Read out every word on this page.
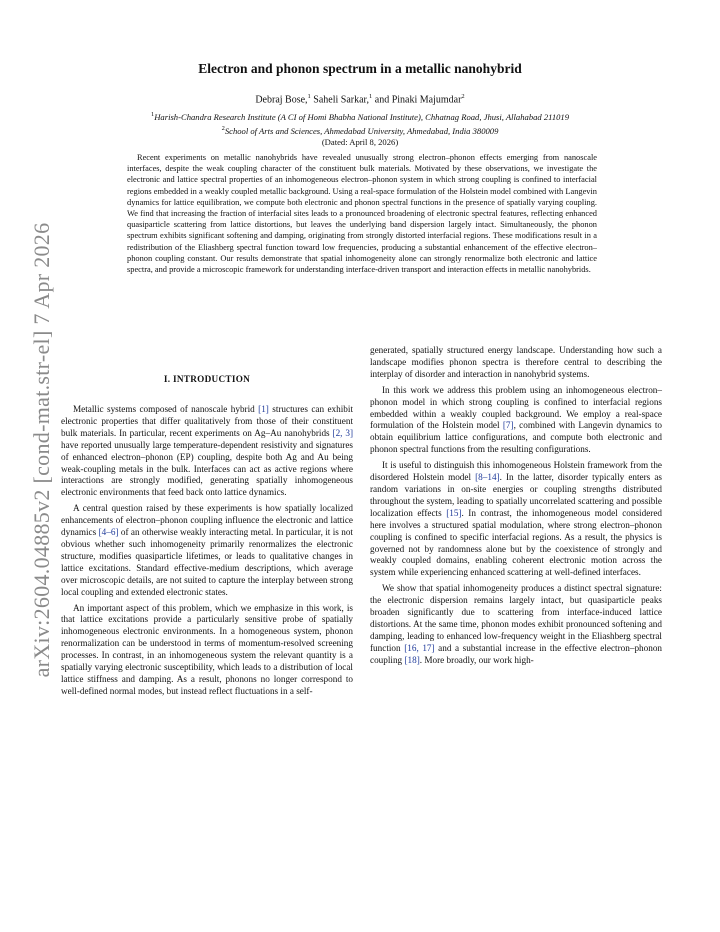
arXiv:2604.04885v2 [cond-mat.str-el] 7 Apr 2026
Electron and phonon spectrum in a metallic nanohybrid
Debraj Bose,$^1$ Saheli Sarkar,$^1$ and Pinaki Majumdar$^2$
$^1$Harish-Chandra Research Institute (A CI of Homi Bhabha National Institute), Chhatnag Road, Jhusi, Allahabad 211019
$^2$School of Arts and Sciences, Ahmedabad University, Ahmedabad, India 380009
(Dated: April 8, 2026)

Recent experiments on metallic nanohybrids have revealed unusually strong electron–phonon effects emerging from nanoscale interfaces, despite the weak coupling character of the constituent bulk materials. Motivated by these observations, we investigate the electronic and lattice spectral properties of an inhomogeneous electron–phonon system in which strong coupling is confined to interfacial regions embedded in a weakly coupled metallic background. Using a real-space formulation of the Holstein model combined with Langevin dynamics for lattice equilibration, we compute both electronic and phonon spectral functions in the presence of spatially varying coupling. We find that increasing the fraction of interfacial sites leads to a pronounced broadening of electronic spectral features, reflecting enhanced quasiparticle scattering from lattice distortions, but leaves the underlying band dispersion largely intact. Simultaneously, the phonon spectrum exhibits significant softening and damping, originating from strongly distorted interfacial regions. These modifications result in a redistribution of the Eliashberg spectral function toward low frequencies, producing a substantial enhancement of the effective electron–phonon coupling constant. Our results demonstrate that spatial inhomogeneity alone can strongly renormalize both electronic and lattice spectra, and provide a microscopic framework for understanding interface-driven transport and interaction effects in metallic nanohybrids.

I. INTRODUCTION

Metallic systems composed of nanoscale hybrid [1] structures can exhibit electronic properties that differ qualitatively from those of their constituent bulk materials. In particular, recent experiments on Ag–Au nanohybrids [2, 3] have reported unusually large temperature-dependent resistivity and signatures of enhanced electron–phonon (EP) coupling, despite both Ag and Au being weak-coupling metals in the bulk. Interfaces can act as active regions where interactions are strongly modified, generating spatially inhomogeneous electronic environments that feed back onto lattice dynamics.

A central question raised by these experiments is how spatially localized enhancements of electron–phonon coupling influence the electronic and lattice dynamics [4–6] of an otherwise weakly interacting metal. In particular, it is not obvious whether such inhomogeneity primarily renormalizes the electronic structure, modifies quasiparticle lifetimes, or leads to qualitative changes in lattice excitations. Standard effective-medium descriptions, which average over microscopic details, are not suited to capture the interplay between strong local coupling and extended electronic states.

An important aspect of this problem, which we emphasize in this work, is that lattice excitations provide a particularly sensitive probe of spatially inhomogeneous electronic environments. In a homogeneous system, phonon renormalization can be understood in terms of momentum-resolved screening processes. In contrast, in an inhomogeneous system the relevant quantity is a spatially varying electronic susceptibility, which leads to a distribution of local lattice stiffness and damping. As a result, phonons no longer correspond to well-defined normal modes, but instead reflect fluctuations in a self-

generated, spatially structured energy landscape. Understanding how such a landscape modifies phonon spectra is therefore central to describing the interplay of disorder and interaction in nanohybrid systems.

In this work we address this problem using an inhomogeneous electron–phonon model in which strong coupling is confined to interfacial regions embedded within a weakly coupled background. We employ a real-space formulation of the Holstein model [7], combined with Langevin dynamics to obtain equilibrium lattice configurations, and compute both electronic and phonon spectral functions from the resulting configurations.

It is useful to distinguish this inhomogeneous Holstein framework from the disordered Holstein model [8–14]. In the latter, disorder typically enters as random variations in on-site energies or coupling strengths distributed throughout the system, leading to spatially uncorrelated scattering and possible localization effects [15]. In contrast, the inhomogeneous model considered here involves a structured spatial modulation, where strong electron–phonon coupling is confined to specific interfacial regions. As a result, the physics is governed not by randomness alone but by the coexistence of strongly and weakly coupled domains, enabling coherent electronic motion across the system while experiencing enhanced scattering at well-defined interfaces.

We show that spatial inhomogeneity produces a distinct spectral signature: the electronic dispersion remains largely intact, but quasiparticle peaks broaden significantly due to scattering from interface-induced lattice distortions. At the same time, phonon modes exhibit pronounced softening and damping, leading to enhanced low-frequency weight in the Eliashberg spectral function [16, 17] and a substantial increase in the effective electron–phonon coupling [18]. More broadly, our work high-
